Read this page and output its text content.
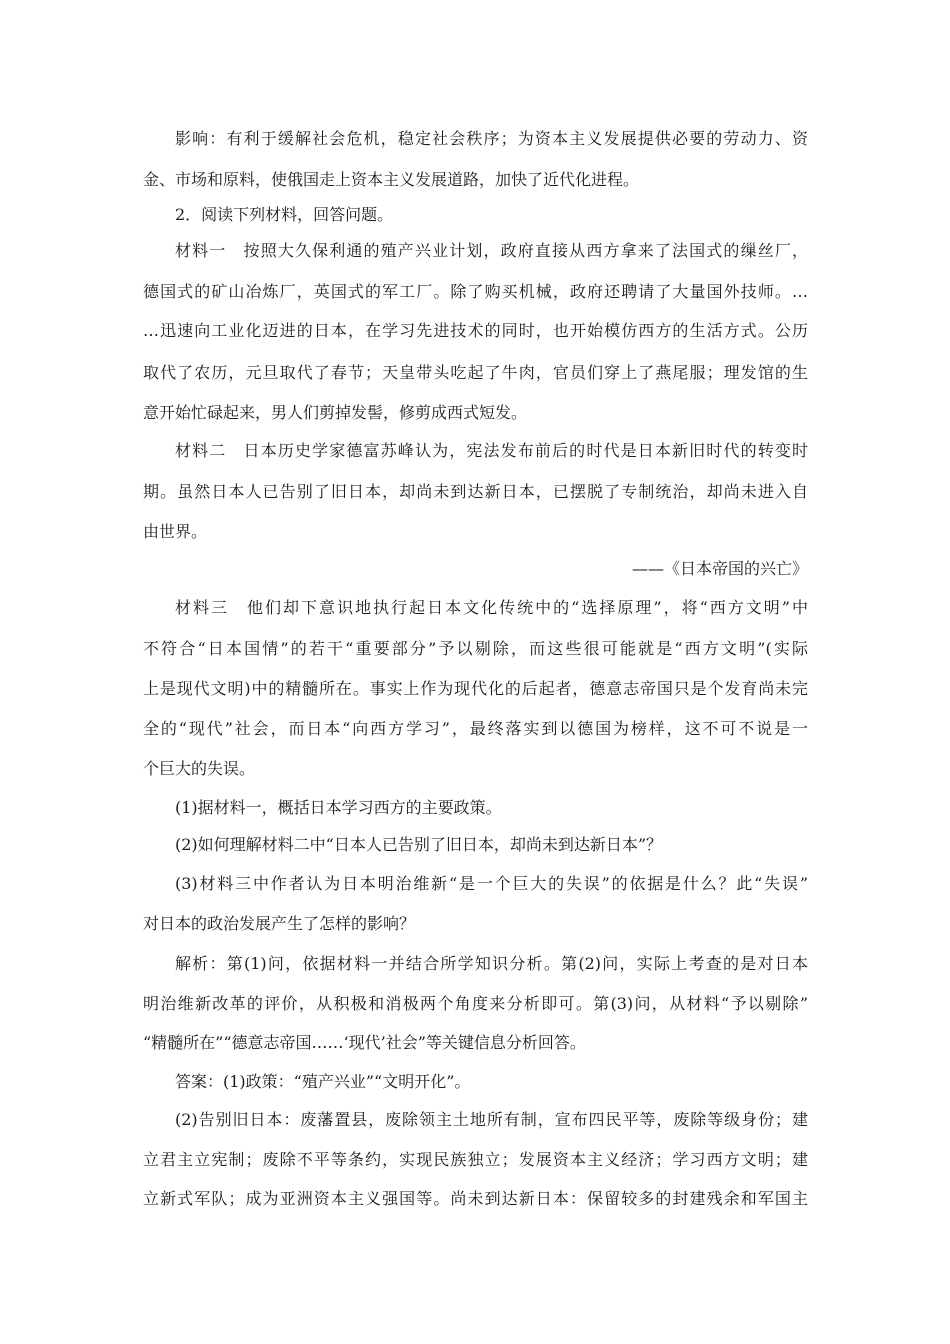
影响：有利于缓解社会危机，稳定社会秩序；为资本主义发展提供必要的劳动力、资
金、市场和原料，使俄国走上资本主义发展道路，加快了近代化进程。
2．阅读下列材料，回答问题。
材料一　按照大久保利通的殖产兴业计划，政府直接从西方拿来了法国式的缫丝厂，
德国式的矿山冶炼厂，英国式的军工厂。除了购买机械，政府还聘请了大量国外技师。…
…迅速向工业化迈进的日本，在学习先进技术的同时，也开始模仿西方的生活方式。公历
取代了农历，元旦取代了春节；天皇带头吃起了牛肉，官员们穿上了燕尾服；理发馆的生
意开始忙碌起来，男人们剪掉发髻，修剪成西式短发。
材料二　日本历史学家德富苏峰认为，宪法发布前后的时代是日本新旧时代的转变时
期。虽然日本人已告别了旧日本，却尚未到达新日本，已摆脱了专制统治，却尚未进入自
由世界。
——《日本帝国的兴亡》
材料三　他们却下意识地执行起日本文化传统中的“选择原理”，将“西方文明”中
不符合“日本国情”的若干“重要部分”予以剔除，而这些很可能就是“西方文明”(实际
上是现代文明)中的精髓所在。事实上作为现代化的后起者，德意志帝国只是个发育尚未完
全的“现代”社会，而日本“向西方学习”，最终落实到以德国为榜样，这不可不说是一
个巨大的失误。
(1)据材料一，概括日本学习西方的主要政策。
(2)如何理解材料二中“日本人已告别了旧日本，却尚未到达新日本”？
(3)材料三中作者认为日本明治维新“是一个巨大的失误”的依据是什么？此“失误”
对日本的政治发展产生了怎样的影响？
解析：第(1)问，依据材料一并结合所学知识分析。第(2)问，实际上考查的是对日本
明治维新改革的评价，从积极和消极两个角度来分析即可。第(3)问，从材料“予以剔除”
“精髓所在”“德意志帝国……‘现代’社会”等关键信息分析回答。
答案：(1)政策：“殖产兴业”“文明开化”。
(2)告别旧日本：废藩置县，废除领主土地所有制，宣布四民平等，废除等级身份；建
立君主立宪制；废除不平等条约，实现民族独立；发展资本主义经济；学习西方文明；建
立新式军队；成为亚洲资本主义强国等。尚未到达新日本：保留较多的封建残余和军国主
